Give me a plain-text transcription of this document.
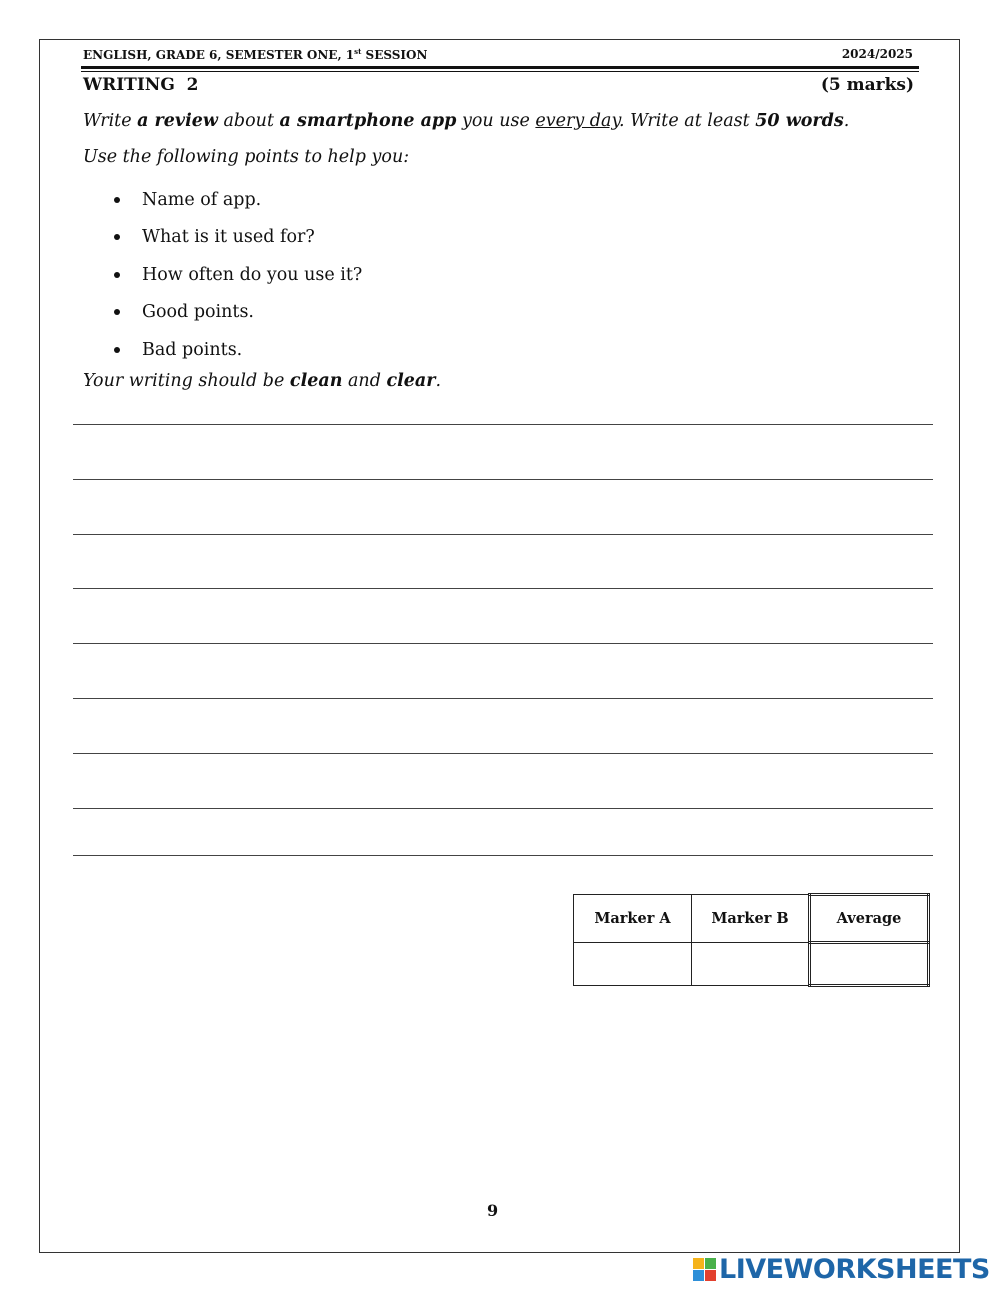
ENGLISH, GRADE 6, SEMESTER ONE, 1st SESSION	2024/2025
WRITING  2	(5 marks)
Write a review about a smartphone app you use every day. Write at least 50 words.
Use the following points to help you:
Name of app.
What is it used for?
How often do you use it?
Good points.
Bad points.
Your writing should be clean and clear.
Marker A	Marker B	Average

9
LIVEWORKSHEETS
